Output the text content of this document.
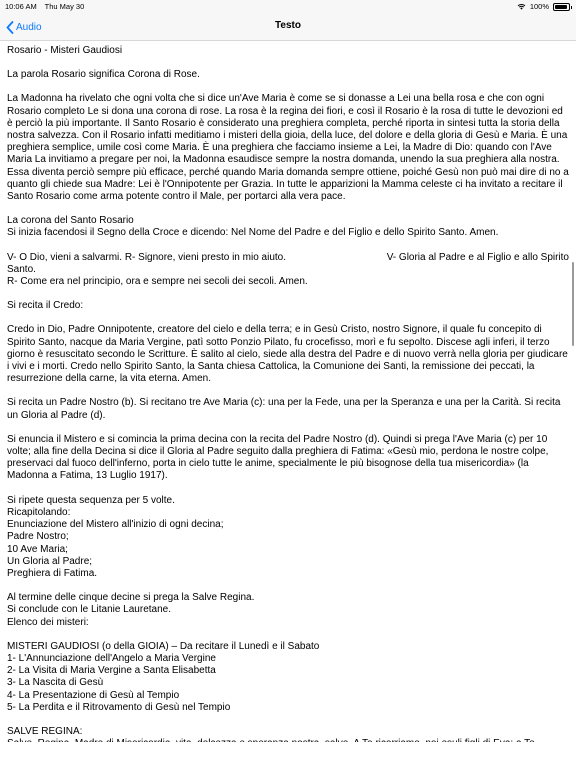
10:06 AM Thu May 30	100%
Audio	Testo

Rosario - Misteri Gaudiosi

La parola Rosario significa Corona di Rose.

La Madonna ha rivelato che ogni volta che si dice un'Ave Maria è come se si donasse a Lei una bella rosa e che con ogni Rosario completo Le si dona una corona di rose. La rosa è la regina dei fiori, e così il Rosario è la rosa di tutte le devozioni ed è perciò la più importante. Il Santo Rosario è considerato una preghiera completa, perché riporta in sintesi tutta la storia della nostra salvezza. Con il Rosario infatti meditiamo i misteri della gioia, della luce, del dolore e della gloria di Gesù e Maria. È una preghiera semplice, umile così come Maria. È una preghiera che facciamo insieme a Lei, la Madre di Dio: quando con l'Ave Maria La invitiamo a pregare per noi, la Madonna esaudisce sempre la nostra domanda, unendo la sua preghiera alla nostra. Essa diventa perciò sempre più efficace, perché quando Maria domanda sempre ottiene, poiché Gesù non può mai dire di no a quanto gli chiede sua Madre: Lei è l'Onnipotente per Grazia. In tutte le apparizioni la Mamma celeste ci ha invitato a recitare il Santo Rosario come arma potente contro il Male, per portarci alla vera pace.

La corona del Santo Rosario
Si inizia facendosi il Segno della Croce e dicendo: Nel Nome del Padre e del Figlio e dello Spirito Santo. Amen.

V- O Dio, vieni a salvarmi. R- Signore, vieni presto in mio aiuto.	V- Gloria al Padre e al Figlio e allo Spirito
Santo.
R- Come era nel principio, ora e sempre nei secoli dei secoli. Amen.

Si recita il Credo:

Credo in Dio, Padre Onnipotente, creatore del cielo e della terra; e in Gesù Cristo, nostro Signore, il quale fu concepito di Spirito Santo, nacque da Maria Vergine, patì sotto Ponzio Pilato, fu crocefisso, morì e fu sepolto. Discese agli inferi, il terzo giorno è resuscitato secondo le Scritture. È salito al cielo, siede alla destra del Padre e di nuovo verrà nella gloria per giudicare i vivi e i morti. Credo nello Spirito Santo, la Santa chiesa Cattolica, la Comunione dei Santi, la remissione dei peccati, la resurrezione della carne, la vita eterna. Amen.

Si recita un Padre Nostro (b). Si recitano tre Ave Maria (c): una per la Fede, una per la Speranza e una per la Carità. Si recita un Gloria al Padre (d).

Si enuncia il Mistero e si comincia la prima decina con la recita del Padre Nostro (d). Quindi si prega l'Ave Maria (c) per 10 volte; alla fine della Decina si dice il Gloria al Padre seguito dalla preghiera di Fatima: «Gesù mio, perdona le nostre colpe, preservaci dal fuoco dell'inferno, porta in cielo tutte le anime, specialmente le più bisognose della tua misericordia» (la Madonna a Fatima, 13 Luglio 1917).

Si ripete questa sequenza per 5 volte.
Ricapitolando:
Enunciazione del Mistero all'inizio di ogni decina;
Padre Nostro;
10 Ave Maria;
Un Gloria al Padre;
Preghiera di Fatima.

Al termine delle cinque decine si prega la Salve Regina.
Si conclude con le Litanie Lauretane.
Elenco dei misteri:

MISTERI GAUDIOSI (o della GIOIA) – Da recitare il Lunedì e il Sabato
1- L'Annunciazione dell'Angelo a Maria Vergine
2- La Visita di Maria Vergine a Santa Elisabetta
3- La Nascita di Gesù
4- La Presentazione di Gesù al Tempio
5- La Perdita e il Ritrovamento di Gesù nel Tempio

SALVE REGINA:
